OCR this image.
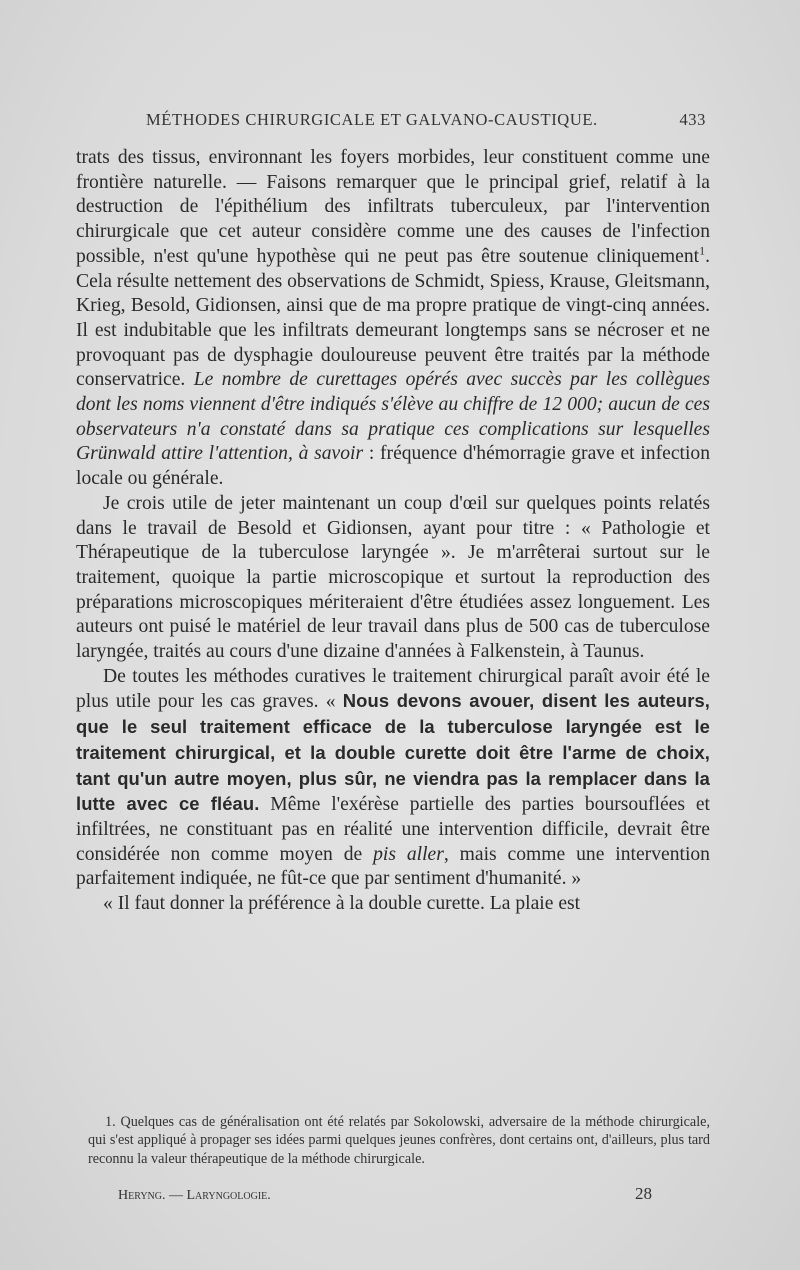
MÉTHODES CHIRURGICALE ET GALVANO-CAUSTIQUE.	433

trats des tissus, environnant les foyers morbides, leur constituent comme une frontière naturelle. — Faisons remarquer que le principal grief, relatif à la destruction de l'épithélium des infiltrats tuberculeux, par l'intervention chirurgicale que cet auteur considère comme une des causes de l'infection possible, n'est qu'une hypothèse qui ne peut pas être soutenue cliniquement$^1$. Cela résulte nettement des observations de Schmidt, Spiess, Krause, Gleitsmann, Krieg, Besold, Gidionsen, ainsi que de ma propre pratique de vingt-cinq années. Il est indubitable que les infiltrats demeurant longtemps sans se nécroser et ne provoquant pas de dysphagie douloureuse peuvent être traités par la méthode conservatrice. Le nombre de curettages opérés avec succès par les collègues dont les noms viennent d'être indiqués s'élève au chiffre de 12 000; aucun de ces observateurs n'a constaté dans sa pratique ces complications sur lesquelles Grünwald attire l'attention, à savoir : fréquence d'hémorragie grave et infection locale ou générale.

Je crois utile de jeter maintenant un coup d'œil sur quelques points relatés dans le travail de Besold et Gidionsen, ayant pour titre : « Pathologie et Thérapeutique de la tuberculose laryngée ». Je m'arrêterai surtout sur le traitement, quoique la partie microscopique et surtout la reproduction des préparations microscopiques mériteraient d'être étudiées assez longuement. Les auteurs ont puisé le matériel de leur travail dans plus de 500 cas de tuberculose laryngée, traités au cours d'une dizaine d'années à Falkenstein, à Taunus.

De toutes les méthodes curatives le traitement chirurgical paraît avoir été le plus utile pour les cas graves. « Nous devons avouer, disent les auteurs, que le seul traitement efficace de la tuberculose laryngée est le traitement chirurgical, et la double curette doit être l'arme de choix, tant qu'un autre moyen, plus sûr, ne viendra pas la remplacer dans la lutte avec ce fléau. Même l'exérèse partielle des parties boursouflées et infiltrées, ne constituant pas en réalité une intervention difficile, devrait être considérée non comme moyen de pis aller, mais comme une intervention parfaitement indiquée, ne fût-ce que par sentiment d'humanité. »

« Il faut donner la préférence à la double curette. La plaie est

1. Quelques cas de généralisation ont été relatés par Sokolowski, adversaire de la méthode chirurgicale, qui s'est appliqué à propager ses idées parmi quelques jeunes confrères, dont certains ont, d'ailleurs, plus tard reconnu la valeur thérapeutique de la méthode chirurgicale.

Heryng. — Laryngologie.	28
